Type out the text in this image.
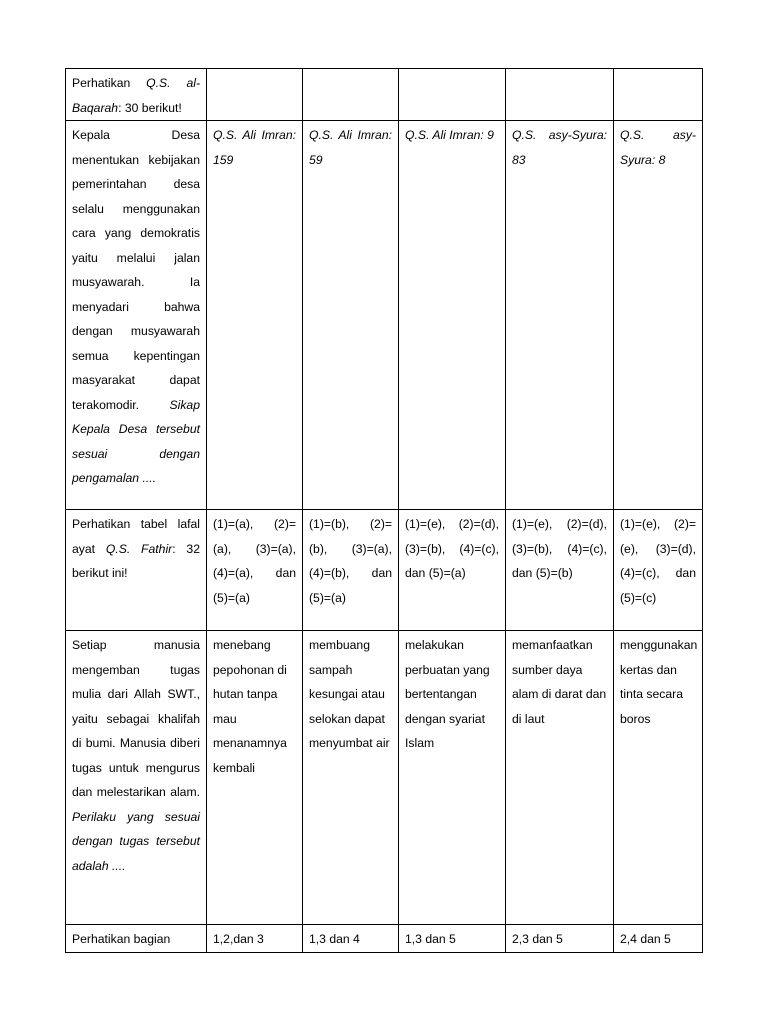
Perhatikan Q.S. al-Baqarah: 30 berikut!					
Kepala Desa menentukan kebijakan pemerintahan desa selalu menggunakan cara yang demokratis yaitu melalui jalan musyawarah. Ia menyadari bahwa dengan musyawarah semua kepentingan masyarakat dapat terakomodir. Sikap Kepala Desa tersebut sesuai dengan pengamalan ....	Q.S. Ali Imran: 159	Q.S. Ali Imran: 59	Q.S. Ali Imran: 9	Q.S. asy-Syura: 83	Q.S. asy-Syura: 8
Perhatikan tabel lafal ayat Q.S. Fathir: 32 berikut ini!	(1)=(a), (2)=(a), (3)=(a), (4)=(a), dan (5)=(a)	(1)=(b), (2)=(b), (3)=(a), (4)=(b), dan (5)=(a)	(1)=(e), (2)=(d), (3)=(b), (4)=(c), dan (5)=(a)	(1)=(e), (2)=(d), (3)=(b), (4)=(c), dan (5)=(b)	(1)=(e), (2)=(e), (3)=(d), (4)=(c), dan (5)=(c)
Setiap manusia mengemban tugas mulia dari Allah SWT., yaitu sebagai khalifah di bumi. Manusia diberi tugas untuk mengurus dan melestarikan alam. Perilaku yang sesuai dengan tugas tersebut adalah ....	menebang pepohonan di hutan tanpa mau menanamnya kembali	membuang sampah kesungai atau selokan dapat menyumbat air	melakukan perbuatan yang bertentangan dengan syariat Islam	memanfaatkan sumber daya alam di darat dan di laut	menggunakan kertas dan tinta secara boros
Perhatikan bagian	1,2,dan 3	1,3 dan 4	1,3 dan 5	2,3 dan 5	2,4 dan 5
